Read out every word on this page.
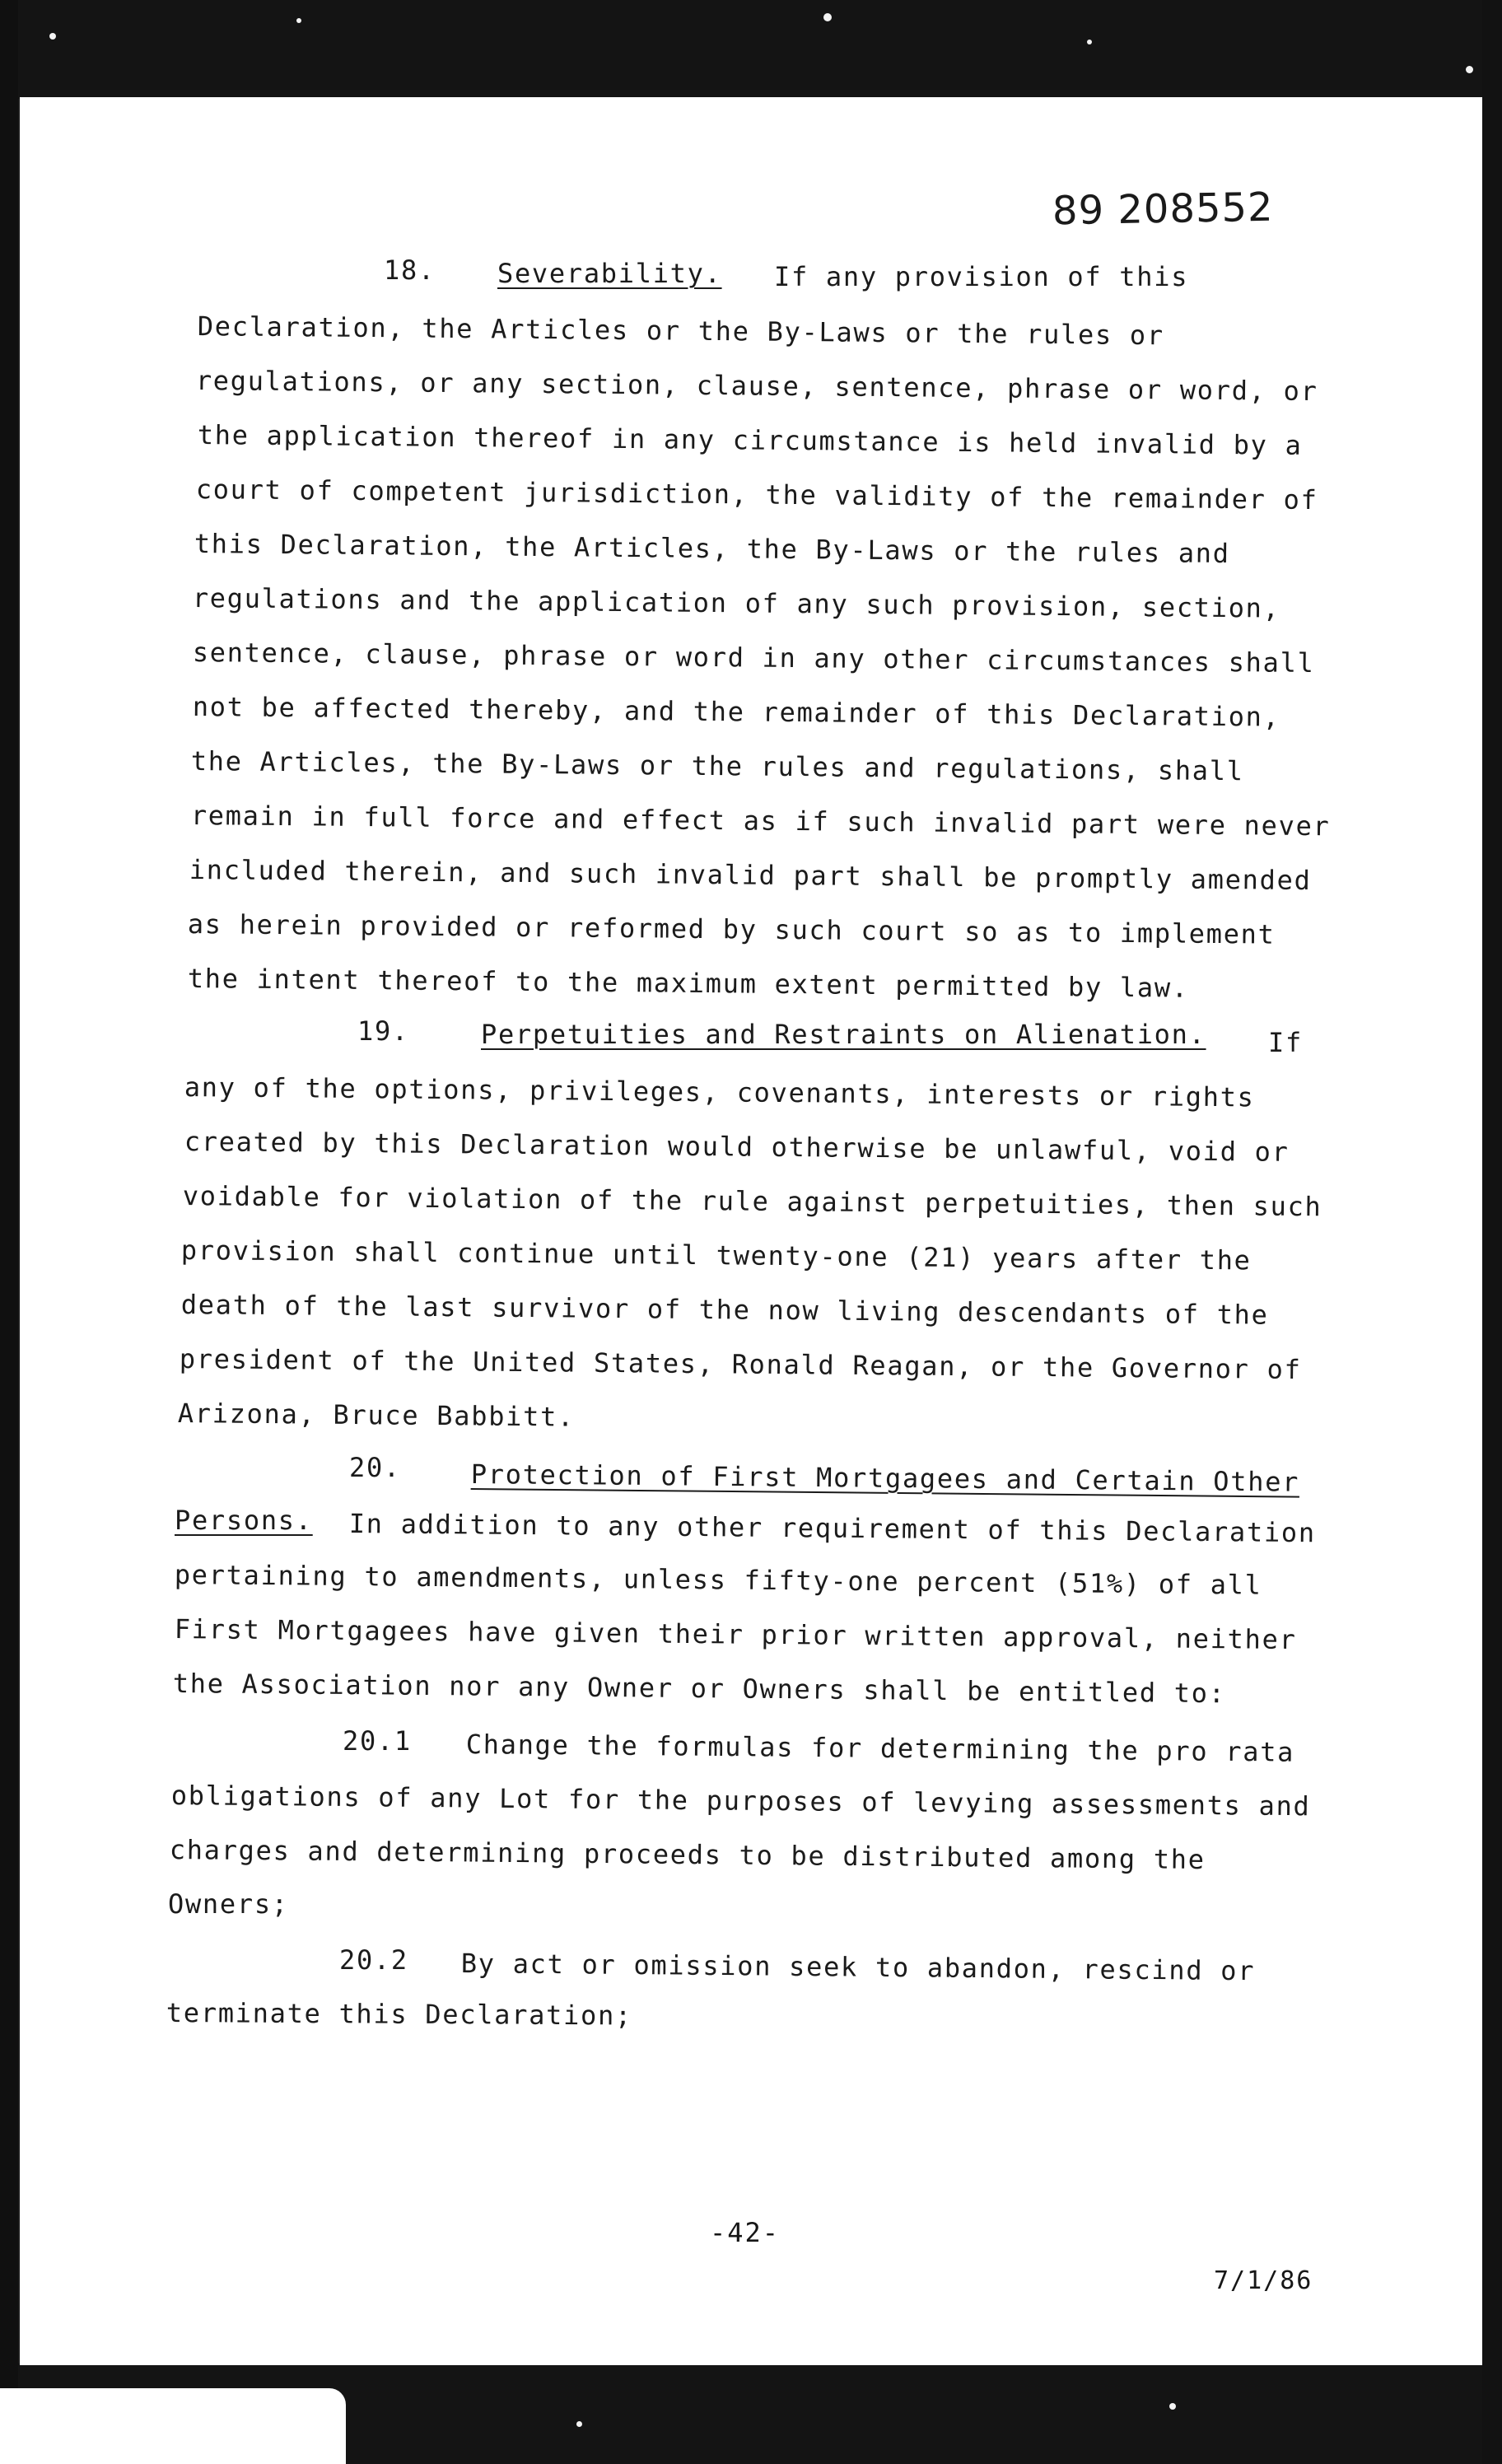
89 208552
18. Severability. If any provision of this
Declaration, the Articles or the By-Laws or the rules or
regulations, or any section, clause, sentence, phrase or word, or
the application thereof in any circumstance is held invalid by a
court of competent jurisdiction, the validity of the remainder of
this Declaration, the Articles, the By-Laws or the rules and
regulations and the application of any such provision, section,
sentence, clause, phrase or word in any other circumstances shall
not be affected thereby, and the remainder of this Declaration,
the Articles, the By-Laws or the rules and regulations, shall
remain in full force and effect as if such invalid part were never
included therein, and such invalid part shall be promptly amended
as herein provided or reformed by such court so as to implement
the intent thereof to the maximum extent permitted by law.
19.	Perpetuities and Restraints on Alienation. If
any of the options, privileges, covenants, interests or rights
created by this Declaration would otherwise be unlawful, void or
voidable for violation of the rule against perpetuities, then such
provision shall continue until twenty-one (21) years after the
death of the last survivor of the now living descendants of the
president of the United States, Ronald Reagan, or the Governor of
Arizona, Bruce Babbitt.
20.	Protection of First Mortgagees and Certain Other
Persons. In addition to any other requirement of this Declaration
pertaining to amendments, unless fifty-one percent (51%) of all
First Mortgagees have given their prior written approval, neither
the Association nor any Owner or Owners shall be entitled to:
20.1 Change the formulas for determining the pro rata
obligations of any Lot for the purposes of levying assessments and
charges and determining proceeds to be distributed among the
Owners;
20.2 By act or omission seek to abandon, rescind or
terminate this Declaration;
-42-
7/1/86
